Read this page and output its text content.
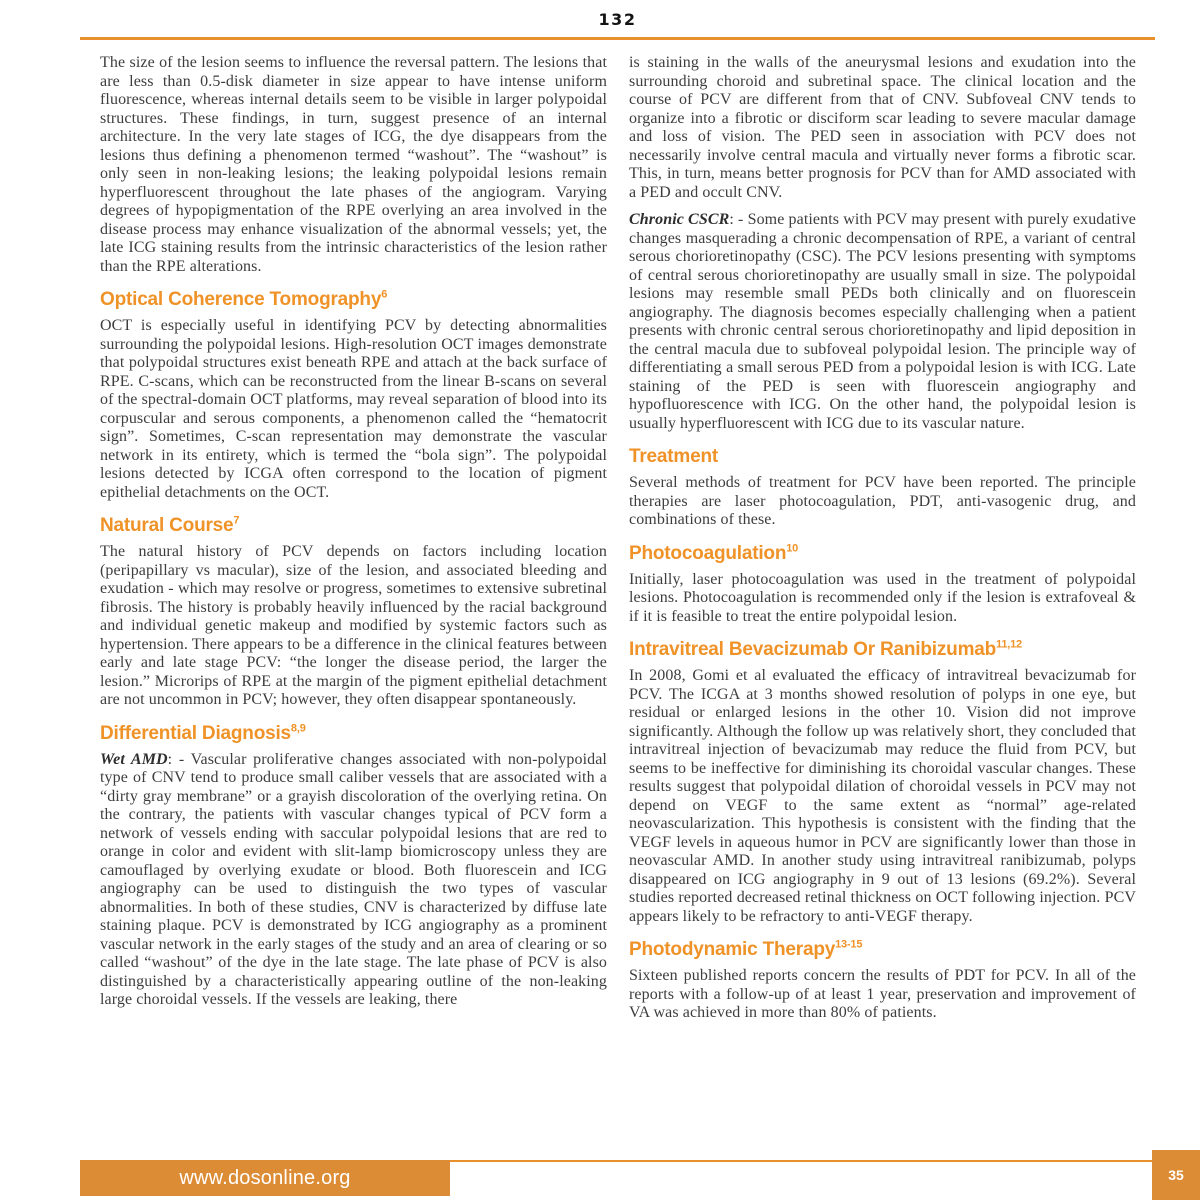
132

The size of the lesion seems to influence the reversal pattern. The lesions that are less than 0.5-disk diameter in size appear to have intense uniform fluorescence, whereas internal details seem to be visible in larger polypoidal structures. These findings, in turn, suggest presence of an internal architecture. In the very late stages of ICG, the dye disappears from the lesions thus defining a phenomenon termed “washout”. The “washout” is only seen in non-leaking lesions; the leaking polypoidal lesions remain hyperfluorescent throughout the late phases of the angiogram. Varying degrees of hypopigmentation of the RPE overlying an area involved in the disease process may enhance visualization of the abnormal vessels; yet, the late ICG staining results from the intrinsic characteristics of the lesion rather than the RPE alterations.

Optical Coherence Tomography$^6$

OCT is especially useful in identifying PCV by detecting abnormalities surrounding the polypoidal lesions. High-resolution OCT images demonstrate that polypoidal structures exist beneath RPE and attach at the back surface of RPE. C-scans, which can be reconstructed from the linear B-scans on several of the spectral-domain OCT platforms, may reveal separation of blood into its corpuscular and serous components, a phenomenon called the “hematocrit sign”. Sometimes, C-scan representation may demonstrate the vascular network in its entirety, which is termed the “bola sign”. The polypoidal lesions detected by ICGA often correspond to the location of pigment epithelial detachments on the OCT.

Natural Course$^7$

The natural history of PCV depends on factors including location (peripapillary vs macular), size of the lesion, and associated bleeding and exudation - which may resolve or progress, sometimes to extensive subretinal fibrosis. The history is probably heavily influenced by the racial background and individual genetic makeup and modified by systemic factors such as hypertension. There appears to be a difference in the clinical features between early and late stage PCV: “the longer the disease period, the larger the lesion.” Microrips of RPE at the margin of the pigment epithelial detachment are not uncommon in PCV; however, they often disappear spontaneously.

Differential Diagnosis$^{8,9}$

Wet AMD: - Vascular proliferative changes associated with non-polypoidal type of CNV tend to produce small caliber vessels that are associated with a “dirty gray membrane” or a grayish discoloration of the overlying retina. On the contrary, the patients with vascular changes typical of PCV form a network of vessels ending with saccular polypoidal lesions that are red to orange in color and evident with slit-lamp biomicroscopy unless they are camouflaged by overlying exudate or blood. Both fluorescein and ICG angiography can be used to distinguish the two types of vascular abnormalities. In both of these studies, CNV is characterized by diffuse late staining plaque. PCV is demonstrated by ICG angiography as a prominent vascular network in the early stages of the study and an area of clearing or so called “washout” of the dye in the late stage. The late phase of PCV is also distinguished by a characteristically appearing outline of the non-leaking large choroidal vessels. If the vessels are leaking, there

is staining in the walls of the aneurysmal lesions and exudation into the surrounding choroid and subretinal space. The clinical location and the course of PCV are different from that of CNV. Subfoveal CNV tends to organize into a fibrotic or disciform scar leading to severe macular damage and loss of vision. The PED seen in association with PCV does not necessarily involve central macula and virtually never forms a fibrotic scar. This, in turn, means better prognosis for PCV than for AMD associated with a PED and occult CNV.

Chronic CSCR: - Some patients with PCV may present with purely exudative changes masquerading a chronic decompensation of RPE, a variant of central serous chorioretinopathy (CSC). The PCV lesions presenting with symptoms of central serous chorioretinopathy are usually small in size. The polypoidal lesions may resemble small PEDs both clinically and on fluorescein angiography. The diagnosis becomes especially challenging when a patient presents with chronic central serous chorioretinopathy and lipid deposition in the central macula due to subfoveal polypoidal lesion. The principle way of differentiating a small serous PED from a polypoidal lesion is with ICG. Late staining of the PED is seen with fluorescein angiography and hypofluorescence with ICG. On the other hand, the polypoidal lesion is usually hyperfluorescent with ICG due to its vascular nature.

Treatment

Several methods of treatment for PCV have been reported. The principle therapies are laser photocoagulation, PDT, anti-vasogenic drug, and combinations of these.

Photocoagulation$^{10}$

Initially, laser photocoagulation was used in the treatment of polypoidal lesions. Photocoagulation is recommended only if the lesion is extrafoveal & if it is feasible to treat the entire polypoidal lesion.

Intravitreal Bevacizumab Or Ranibizumab$^{11,12}$

In 2008, Gomi et al evaluated the efficacy of intravitreal bevacizumab for PCV. The ICGA at 3 months showed resolution of polyps in one eye, but residual or enlarged lesions in the other 10. Vision did not improve significantly. Although the follow up was relatively short, they concluded that intravitreal injection of bevacizumab may reduce the fluid from PCV, but seems to be ineffective for diminishing its choroidal vascular changes. These results suggest that polypoidal dilation of choroidal vessels in PCV may not depend on VEGF to the same extent as “normal” age-related neovascularization. This hypothesis is consistent with the finding that the VEGF levels in aqueous humor in PCV are significantly lower than those in neovascular AMD. In another study using intravitreal ranibizumab, polyps disappeared on ICG angiography in 9 out of 13 lesions (69.2%). Several studies reported decreased retinal thickness on OCT following injection. PCV appears likely to be refractory to anti-VEGF therapy.

Photodynamic Therapy$^{13-15}$

Sixteen published reports concern the results of PDT for PCV. In all of the reports with a follow-up of at least 1 year, preservation and improvement of VA was achieved in more than 80% of patients.

www.dosonline.org	35
